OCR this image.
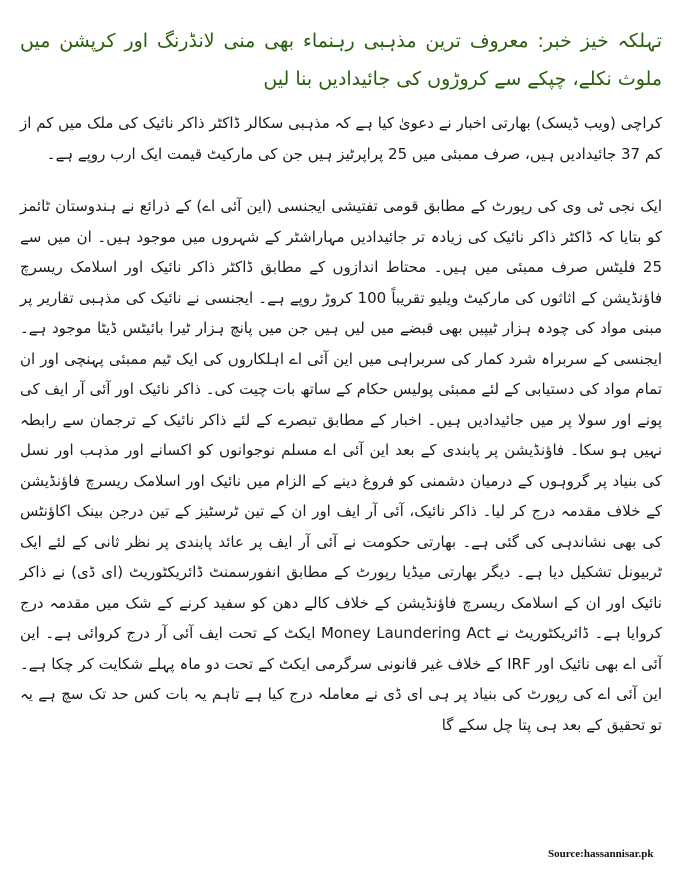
تہلکہ خیز خبر: معروف ترین مذہبی رہنماء بھی منی لانڈرنگ اور کرپشن میں ملوث نکلے، چپکے سے کروڑوں کی جائیدادیں بنا لیں

کراچی (ویب ڈیسک) بھارتی اخبار نے دعویٰ کیا ہے کہ مذہبی سکالر ڈاکٹر ذاکر نائیک کی ملک میں کم از کم 37 جائیدادیں ہیں، صرف ممبئی میں 25 پراپرٹیز ہیں جن کی مارکیٹ قیمت ایک ارب روپے ہے۔

ایک نجی ٹی وی کی رپورٹ کے مطابق قومی تفتیشی ایجنسی (این آئی اے) کے ذرائع نے ہندوستان ٹائمز کو بتایا کہ ڈاکٹر ذاکر نائیک کی زیادہ تر جائیدادیں مہاراشٹر کے شہروں میں موجود ہیں۔ ان میں سے 25 فلیٹس صرف ممبئی میں ہیں۔ محتاط اندازوں کے مطابق ڈاکٹر ذاکر نائیک اور اسلامک ریسرچ فاؤنڈیشن کے اثاثوں کی مارکیٹ ویلیو تقریباً 100 کروڑ روپے ہے۔ ایجنسی نے نائیک کی مذہبی تقاریر پر مبنی مواد کی چودہ ہزار ٹیپیں بھی قبضے میں لیں ہیں جن میں پانچ ہزار ٹیرا بائیٹس ڈیٹا موجود ہے۔ ایجنسی کے سربراہ شرد کمار کی سربراہی میں این آئی اے اہلکاروں کی ایک ٹیم ممبئی پہنچی اور ان تمام مواد کی دستیابی کے لئے ممبئی پولیس حکام کے ساتھ بات چیت کی۔ ذاکر نائیک اور آئی آر ایف کی پونے اور سولا پر میں جائیدادیں ہیں۔ اخبار کے مطابق تبصرے کے لئے ذاکر نائیک کے ترجمان سے رابطہ نہیں ہو سکا۔ فاؤنڈیشن پر پابندی کے بعد این آئی اے مسلم نوجوانوں کو اکسانے اور مذہب اور نسل کی بنیاد پر گروہوں کے درمیان دشمنی کو فروغ دینے کے الزام میں نائیک اور اسلامک ریسرچ فاؤنڈیشن کے خلاف مقدمہ درج کر لیا۔ ذاکر نائیک، آئی آر ایف اور ان کے تین ٹرسٹیز کے تین درجن بینک اکاؤنٹس کی بھی نشاندہی کی گئی ہے۔ بھارتی حکومت نے آئی آر ایف پر عائد پابندی پر نظر ثانی کے لئے ایک ٹربیونل تشکیل دیا ہے۔ دیگر بھارتی میڈیا رپورٹ کے مطابق انفورسمنٹ ڈائریکٹوریٹ (ای ڈی) نے ذاکر نائیک اور ان کے اسلامک ریسرچ فاؤنڈیشن کے خلاف کالے دھن کو سفید کرنے کے شک میں مقدمہ درج کروایا ہے۔ ڈائریکٹوریٹ نے Money Laundering Act ایکٹ کے تحت ایف آئی آر درج کروائی ہے۔ این آئی اے بھی نائیک اور IRF کے خلاف غیر قانونی سرگرمی ایکٹ کے تحت دو ماہ پہلے شکایت کر چکا ہے۔ این آئی اے کی رپورٹ کی بنیاد پر ہی ای ڈی نے معاملہ درج کیا ہے تاہم یہ بات کس حد تک سچ ہے یہ تو تحقیق کے بعد ہی پتا چل سکے گا

Source:hassannisar.pk
